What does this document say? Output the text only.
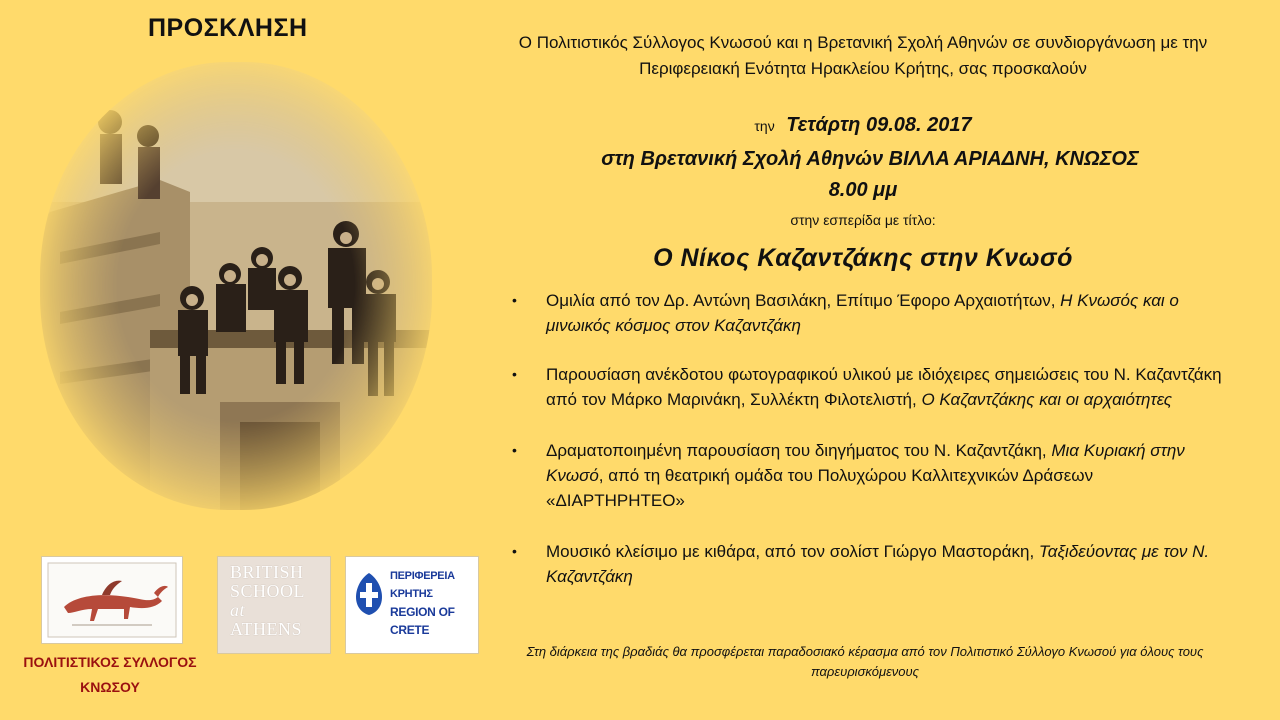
ΠΡΟΣΚΛΗΣΗ
Ο Πολιτιστικός Σύλλογος Κνωσού και η Βρετανική Σχολή Αθηνών σε συνδιοργάνωση με την Περιφερειακή Ενότητα Ηρακλείου Κρήτης, σας προσκαλούν
την Τετάρτη 09.08. 2017
στη Βρετανική Σχολή Αθηνών ΒΙΛΛΑ ΑΡΙΑΔΝΗ, ΚΝΩΣΟΣ
8.00 μμ
στην εσπερίδα με τίτλο:
Ο Νίκος Καζαντζάκης στην Κνωσό
• Ομιλία από τον Δρ. Αντώνη Βασιλάκη, Επίτιμο Έφορο Αρχαιοτήτων, Η Κνωσός και ο μινωικός κόσμος στον Καζαντζάκη
• Παρουσίαση ανέκδοτου φωτογραφικού υλικού με ιδιόχειρες σημειώσεις του Ν. Καζαντζάκη από τον Μάρκο Μαρινάκη, Συλλέκτη Φιλοτελιστή, Ο Καζαντζάκης και οι αρχαιότητες
• Δραματοποιημένη παρουσίαση του διηγήματος του Ν. Καζαντζάκη, Μια Κυριακή στην Κνωσό, από τη θεατρική ομάδα του Πολυχώρου Καλλιτεχνικών Δράσεων «ΔΙΑΡΤΗΡΗΤΕΟ»
• Μουσικό κλείσιμο με κιθάρα, από τον σολίστ Γιώργο Μαστοράκη, Ταξιδεύοντας με τον Ν. Καζαντζάκη
Στη διάρκεια της βραδιάς θα προσφέρεται παραδοσιακό κέρασμα από τον Πολιτιστικό Σύλλογο Κνωσού για όλους τους παρευρισκόμενους
BRITISH
SCHOOL
at
ATHENS
ΠΕΡΙΦΕΡΕΙΑ ΚΡΗΤΗΣ
REGION OF CRETE
ΠΟΛΙΤΙΣΤΙΚΟΣ ΣΥΛΛΟΓΟΣ
ΚΝΩΣΟΥ
